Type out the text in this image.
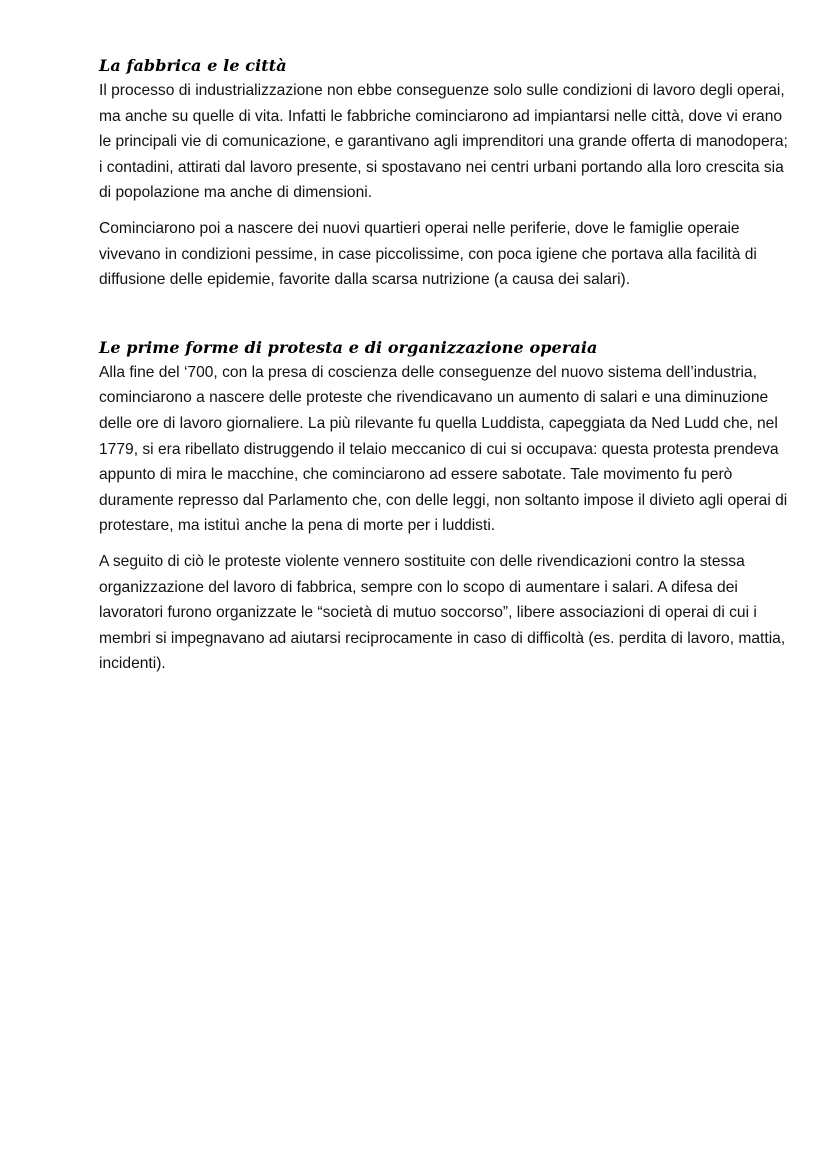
La fabbrica e le città

Il processo di industrializzazione non ebbe conseguenze solo sulle condizioni di lavoro degli operai, ma anche su quelle di vita. Infatti le fabbriche cominciarono ad impiantarsi nelle città, dove vi erano le principali vie di comunicazione, e garantivano agli imprenditori una grande offerta di manodopera; i contadini, attirati dal lavoro presente, si spostavano nei centri urbani portando alla loro crescita sia di popolazione ma anche di dimensioni.

Cominciarono poi a nascere dei nuovi quartieri operai nelle periferie, dove le famiglie operaie vivevano in condizioni pessime, in case piccolissime, con poca igiene che portava alla facilità di diffusione delle epidemie, favorite dalla scarsa nutrizione (a causa dei salari).

Le prime forme di protesta e di organizzazione operaia

Alla fine del ‘700, con la presa di coscienza delle conseguenze del nuovo sistema dell’industria, cominciarono a nascere delle proteste che rivendicavano un aumento di salari e una diminuzione delle ore di lavoro giornaliere. La più rilevante fu quella Luddista, capeggiata da Ned Ludd che, nel 1779, si era ribellato distruggendo il telaio meccanico di cui si occupava: questa protesta prendeva appunto di mira le macchine, che cominciarono ad essere sabotate. Tale movimento fu però duramente represso dal Parlamento che, con delle leggi, non soltanto impose il divieto agli operai di protestare, ma istituì anche la pena di morte per i luddisti.

A seguito di ciò le proteste violente vennero sostituite con delle rivendicazioni contro la stessa organizzazione del lavoro di fabbrica, sempre con lo scopo di aumentare i salari. A difesa dei lavoratori furono organizzate le “società di mutuo soccorso”, libere associazioni di operai di cui i membri si impegnavano ad aiutarsi reciprocamente in caso di difficoltà (es. perdita di lavoro, mattia, incidenti).
